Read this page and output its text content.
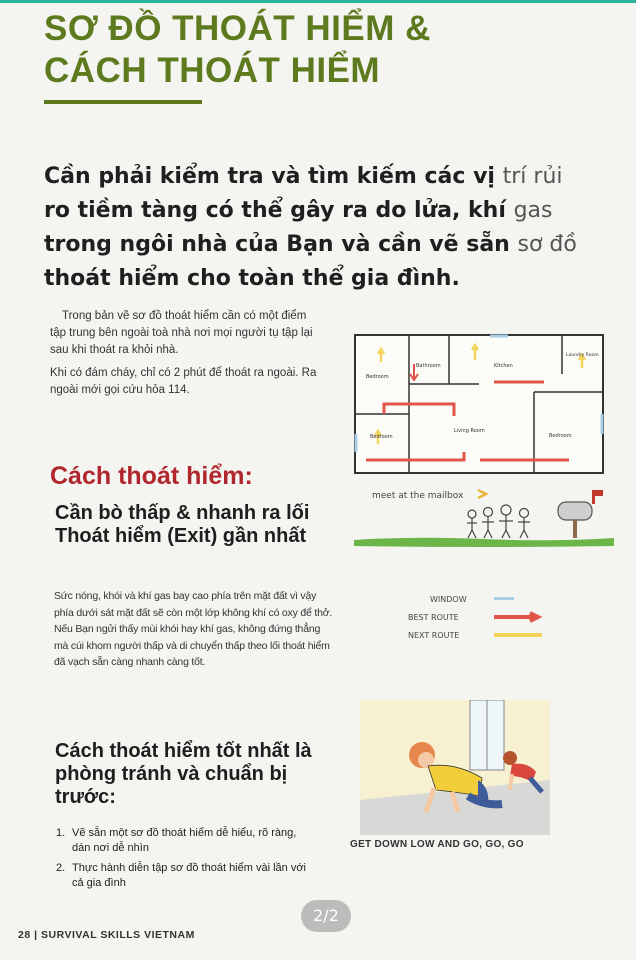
SƠ ĐỒ THOÁT HIỂM &
CÁCH THOÁT HIỂM

Cần phải kiểm tra và tìm kiếm các vị trí rủi
ro tiềm tàng có thể gây ra do lửa, khí gas
trong ngôi nhà của Bạn và cần vẽ sẵn sơ đồ
thoát hiểm cho toàn thể gia đình.

Trong bản vẽ sơ đồ thoát hiểm cần có một điểm tập trung bên ngoài toà nhà nơi mọi người tụ tập lại sau khi thoát ra khỏi nhà.

Khi có đám cháy, chỉ có 2 phút để thoát ra ngoài. Ra ngoài mới gọi cứu hỏa 114.

Cách thoát hiểm:
Cần bò thấp & nhanh ra lối Thoát hiểm (Exit) gần nhất

Sức nóng, khói và khí gas bay cao phía trên mặt đất vì vậy phía dưới sát mặt đất sẽ còn một lớp không khí có oxy để thở. Nếu Bạn ngửi thấy mùi khói hay khí gas, không đứng thẳng mà cúi khom người thấp và di chuyển thấp theo lối thoát hiểm đã vạch sẵn càng nhanh càng tốt.

Cách thoát hiểm tốt nhất là phòng tránh và chuẩn bị trước:
1. Vẽ sẵn một sơ đồ thoát hiểm dễ hiểu, rõ ràng, dán nơi dễ nhìn
2. Thực hành diễn tập sơ đồ thoát hiểm vài lần với cả gia đình
Bedroom
Bathroom	Kitchen
Laundry Room
Bedroom
Living Room
Bedroom
meet at the mailbox
WINDOW
BEST ROUTE
NEXT ROUTE
GET DOWN LOW AND GO, GO, GO
28 | SURVIVAL SKILLS VIETNAM
2/2
